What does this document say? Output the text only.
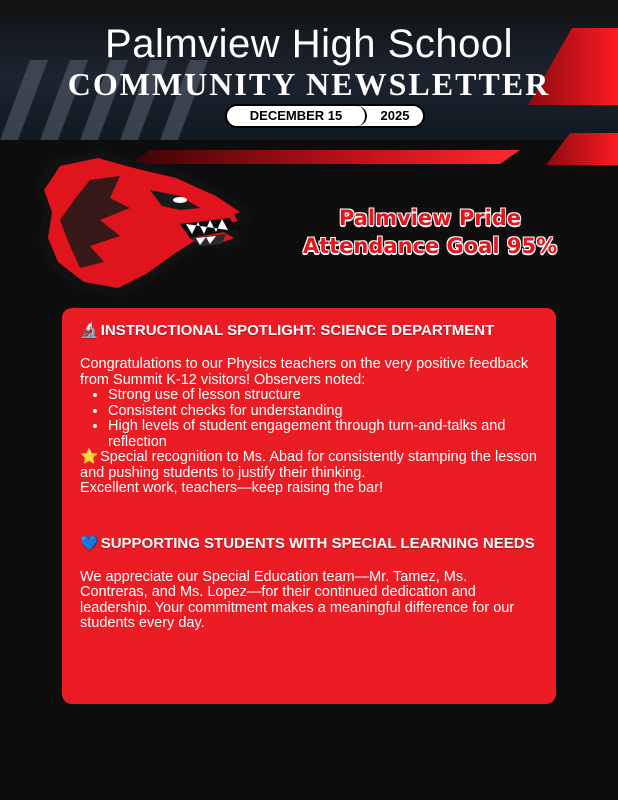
Palmview High School
COMMUNITY NEWSLETTER
DECEMBER 15	2025
Palmview Pride
Attendance Goal 95%

🔬 INSTRUCTIONAL SPOTLIGHT: SCIENCE DEPARTMENT

Congratulations to our Physics teachers on the very positive feedback from Summit K-12 visitors! Observers noted:

• Strong use of lesson structure
• Consistent checks for understanding
• High levels of student engagement through turn-and-talks and reflection

⭐ Special recognition to Ms. Abad for consistently stamping the lesson and pushing students to justify their thinking.

Excellent work, teachers—keep raising the bar!

💙 SUPPORTING STUDENTS WITH SPECIAL LEARNING NEEDS

We appreciate our Special Education team—Mr. Tamez, Ms. Contreras, and Ms. Lopez—for their continued dedication and leadership. Your commitment makes a meaningful difference for our students every day.
